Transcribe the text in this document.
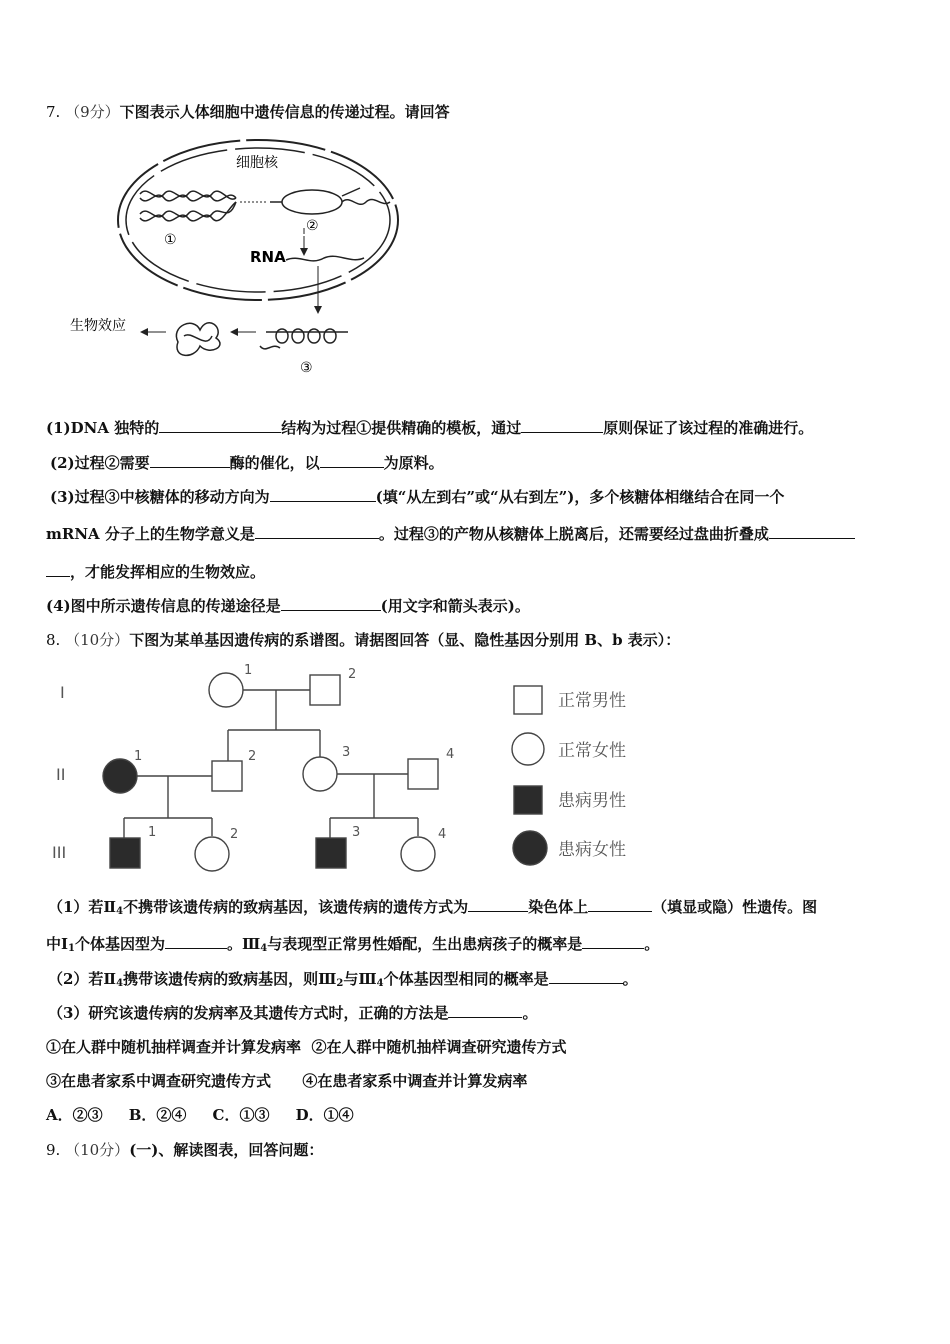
7. （9分）下图表示人体细胞中遗传信息的传递过程。请回答
细胞核
①
②
RNA
③
生物效应
(1)DNA 独特的	结构为过程①提供精确的模板，通过	原则保证了该过程的准确进行。
(2)过程②需要	酶的催化，以	为原料。
(3)过程③中核糖体的移动方向为	(填“从左到右”或“从右到左”)，多个核糖体相继结合在同一个
mRNA 分子上的生物学意义是	。过程③的产物从核糖体上脱离后，还需要经过盘曲折叠成
，才能发挥相应的生物效应。
(4)图中所示遗传信息的传递途径是	(用文字和箭头表示)。
8. （10分）下图为某单基因遗传病的系谱图。请据图回答（显、隐性基因分别用 B、b 表示）：
I
II
III
1	2
1	2	3	4
1	2	3	4
正常男性
正常女性
患病男性
患病女性
（1）若$Ⅱ_4$不携带该遗传病的致病基因，该遗传病的遗传方式为	染色体上	（填显或隐）性遗传。图
中$Ⅰ_1$个体基因型为	。$Ⅲ_4$与表现型正常男性婚配，生出患病孩子的概率是	。
（2）若$Ⅱ_4$携带该遗传病的致病基因，则$Ⅲ_2$与$Ⅲ_4$个体基因型相同的概率是	。
（3）研究该遗传病的发病率及其遗传方式时，正确的方法是	。
①在人群中随机抽样调查并计算发病率  ②在人群中随机抽样调查研究遗传方式
③在患者家系中调查研究遗传方式      ④在患者家系中调查并计算发病率
A．②③     B．②④     C．①③     D．①④
9. （10分）(一)、解读图表，回答问题：
